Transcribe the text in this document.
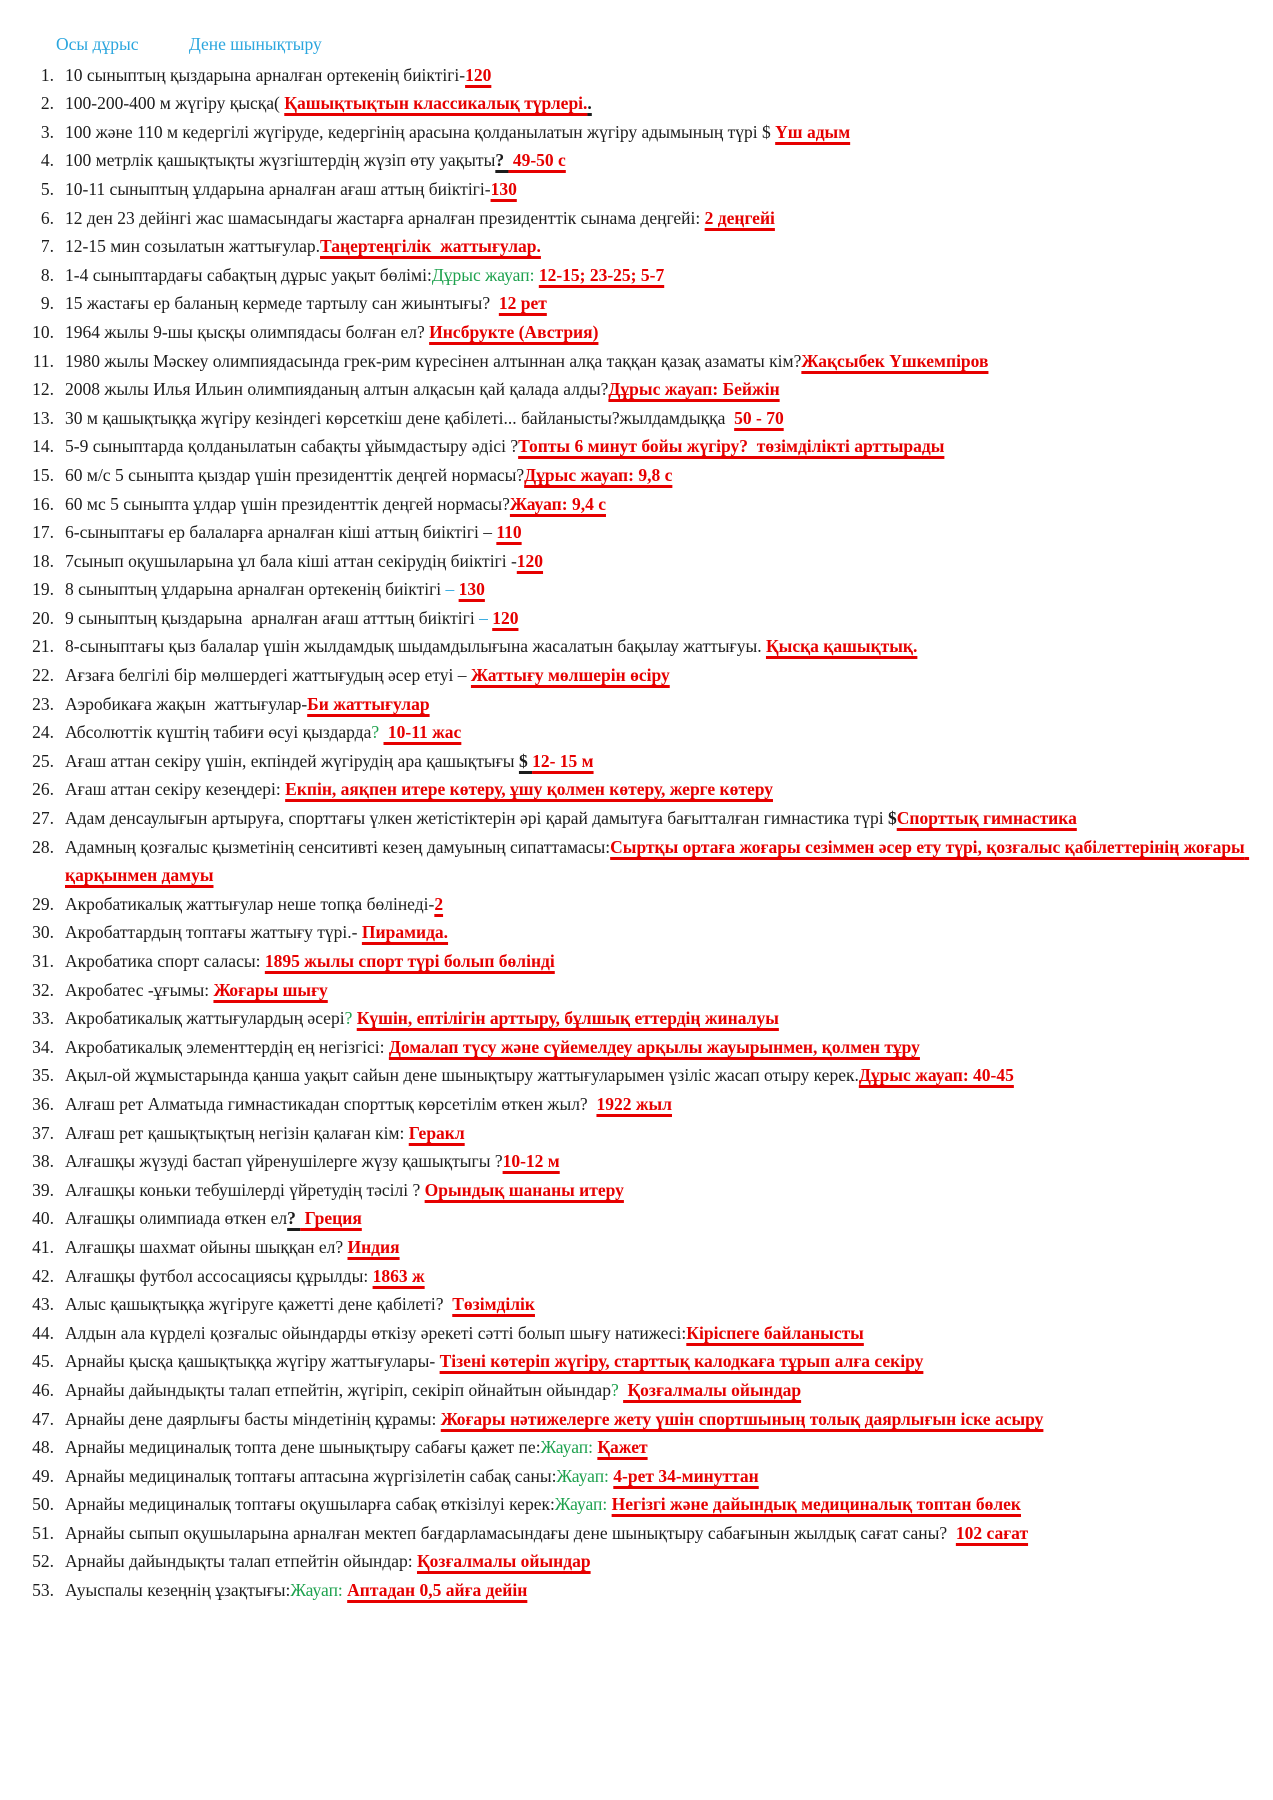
Осы дұрыс	Дене шынықтыру
1. 10 сыныптың қыздарына арналған ортекенің биіктігі-120
2. 100-200-400 м жүгіру қысқа( Қашықтықтын классикалық түрлері..
3. 100 және 110 м кедергілі жүгіруде, кедергінің арасына қолданылатын жүгіру адымының түрі $ Үш адым
4. 100 метрлік қашықтықты жүзгіштердің жүзіп өту уақыты?  49-50 с
5. 10-11 сыныптың ұлдарына арналған ағаш аттың биіктігі-130
6. 12 ден 23 дейінгі жас шамасындагы жастарға арналған президенттік сынама деңгейі: 2 деңгейі
7. 12-15 мин созылатын жаттығулар.Таңертеңгілік  жаттығулар.
8. 1-4 сыныптардағы сабақтың дұрыс уақыт бөлімі:Дұрыс жауап: 12-15; 23-25; 5-7
9. 15 жастағы ер баланың кермеде тартылу сан жиынтығы?  12 рет
10. 1964 жылы 9-шы қысқы олимпядасы болған ел? Инсбрукте (Австрия)
11. 1980 жылы Мәскеу олимпиядасында грек-рим күресінен алтыннан алқа таққан қазақ азаматы кім?Жақсыбек Үшкемпіров
12. 2008 жылы Илья Ильин олимпияданың алтын алқасын қай қалада алды?Дұрыс жауап: Бейжін
13. 30 м қашықтыққа жүгіру кезіндегі көрсеткіш дене қабілеті... байланысты?жылдамдыққа  50 - 70
14. 5-9 сыныптарда қолданылатын сабақты ұйымдастыру әдісі ?Топты 6 минут бойы жүгіру?  төзімділікті арттырады
15. 60 м/с 5 сыныпта қыздар үшін президенттік деңгей нормасы?Дұрыс жауап: 9,8 с
16. 60 мс 5 сыныпта ұлдар үшін президенттік деңгей нормасы?Жауап: 9,4 с
17. 6-сыныптағы ер балаларға арналған кіші аттың биіктігі – 110
18. 7сынып оқушыларына ұл бала кіші аттан секірудің биіктігі -120
19. 8 сыныптың ұлдарына арналған ортекенің биіктігі – 130
20. 9 сыныптың қыздарына  арналған ағаш атттың биіктігі – 120
21. 8-сыныптағы қыз балалар үшін жылдамдық шыдамдылығына жасалатын бақылау жаттығуы. Қысқа қашықтық.
22. Ағзаға белгілі бір мөлшердегі жаттығудың әсер етуі – Жаттығу мөлшерін өсіру
23. Аэробикаға жақын  жаттығулар-Би жаттығулар
24. Абсолюттік күштің табиғи өсуі қыздарда?  10-11 жас
25. Ағаш аттан секіру үшін, екпіндей жүгірудің ара қашықтығы $ 12- 15 м
26. Ағаш аттан секіру кезеңдері: Екпін, аяқпен итере көтеру, ұшу қолмен көтеру, жерге көтеру
27. Адам денсаулығын артыруға, спорттағы үлкен жетістіктерін әрі қарай дамытуға бағытталған гимнастика түрі $Спорттық гимнастика
28. Адамның қозғалыс қызметінің сенситивті кезең дамуының сипаттамасы:Сыртқы ортаға жоғары сезіммен әсер ету түрі, қозғалыс қабілеттерінің жоғары қарқынмен дамуы
29. Акробатикалық жаттығулар неше топқа бөлінеді-2
30. Акробаттардың топтағы жаттығу түрі.- Пирамида.
31. Акробатика спорт саласы: 1895 жылы спорт түрі болып бөлінді
32. Акробатес -ұғымы: Жоғары шығу
33. Акробатикалық жаттығулардың әсері? Күшін, ептілігін арттыру, бұлшық еттердің жиналуы
34. Акробатикалық элементтердің ең негізгісі: Домалап түсу және сүйемелдеу арқылы жауырынмен, қолмен тұру
35. Ақыл-ой жұмыстарында қанша уақыт сайын дене шынықтыру жаттығуларымен үзіліс жасап отыру керек.Дұрыс жауап: 40-45
36. Алғаш рет Алматыда гимнастикадан спорттық көрсетілім өткен жыл?  1922 жыл
37. Алғаш рет қашықтықтың негізін қалаған кім: Геракл
38. Алғашқы жүзуді бастап үйренушілерге жүзу қашықтыгы ?10-12 м
39. Алғашқы коньки тебушілерді үйретудің тәсілі ? Орындық шананы итеру
40. Алғашқы олимпиада өткен ел?  Греция
41. Алғашқы шахмат ойыны шыққан ел? Индия
42. Алғашқы футбол ассосациясы құрылды: 1863 ж
43. Алыс қашықтыққа жүгіруге қажетті дене қабілеті?  Төзімділік
44. Алдын ала күрделі қозғалыс ойындарды өткізу әрекеті сәтті болып шығу натижесі:Кіріспеге байланысты
45. Арнайы қысқа қашықтыққа жүгіру жаттығулары- Тізені көтеріп жүгіру, старттық калодкаға тұрып алға секіру
46. Арнайы дайындықты талап етпейтін, жүгіріп, секіріп ойнайтын ойындар?  Қозғалмалы ойындар
47. Арнайы дене даярлығы басты міндетінің құрамы: Жоғары нәтижелерге жету үшін спортшының толық даярлығын іске асыру
48. Арнайы медициналық топта дене шынықтыру сабағы қажет пе:Жауап: Қажет
49. Арнайы медициналық топтағы аптасына жүргізілетін сабақ саны:Жауап: 4-рет 34-минуттан
50. Арнайы медициналық топтағы оқушыларға сабақ өткізілуі керек:Жауап: Негізгі және дайындық медициналық топтан бөлек
51. Арнайы сыпып оқушыларына арналған мектеп бағдарламасындағы дене шынықтыру сабағынын жылдық сағат саны?  102 сағат
52. Арнайы дайындықты талап етпейтін ойындар: Қозғалмалы ойындар
53. Ауыспалы кезеңнің ұзақтығы:Жауап: Аптадан 0,5 айға дейін
